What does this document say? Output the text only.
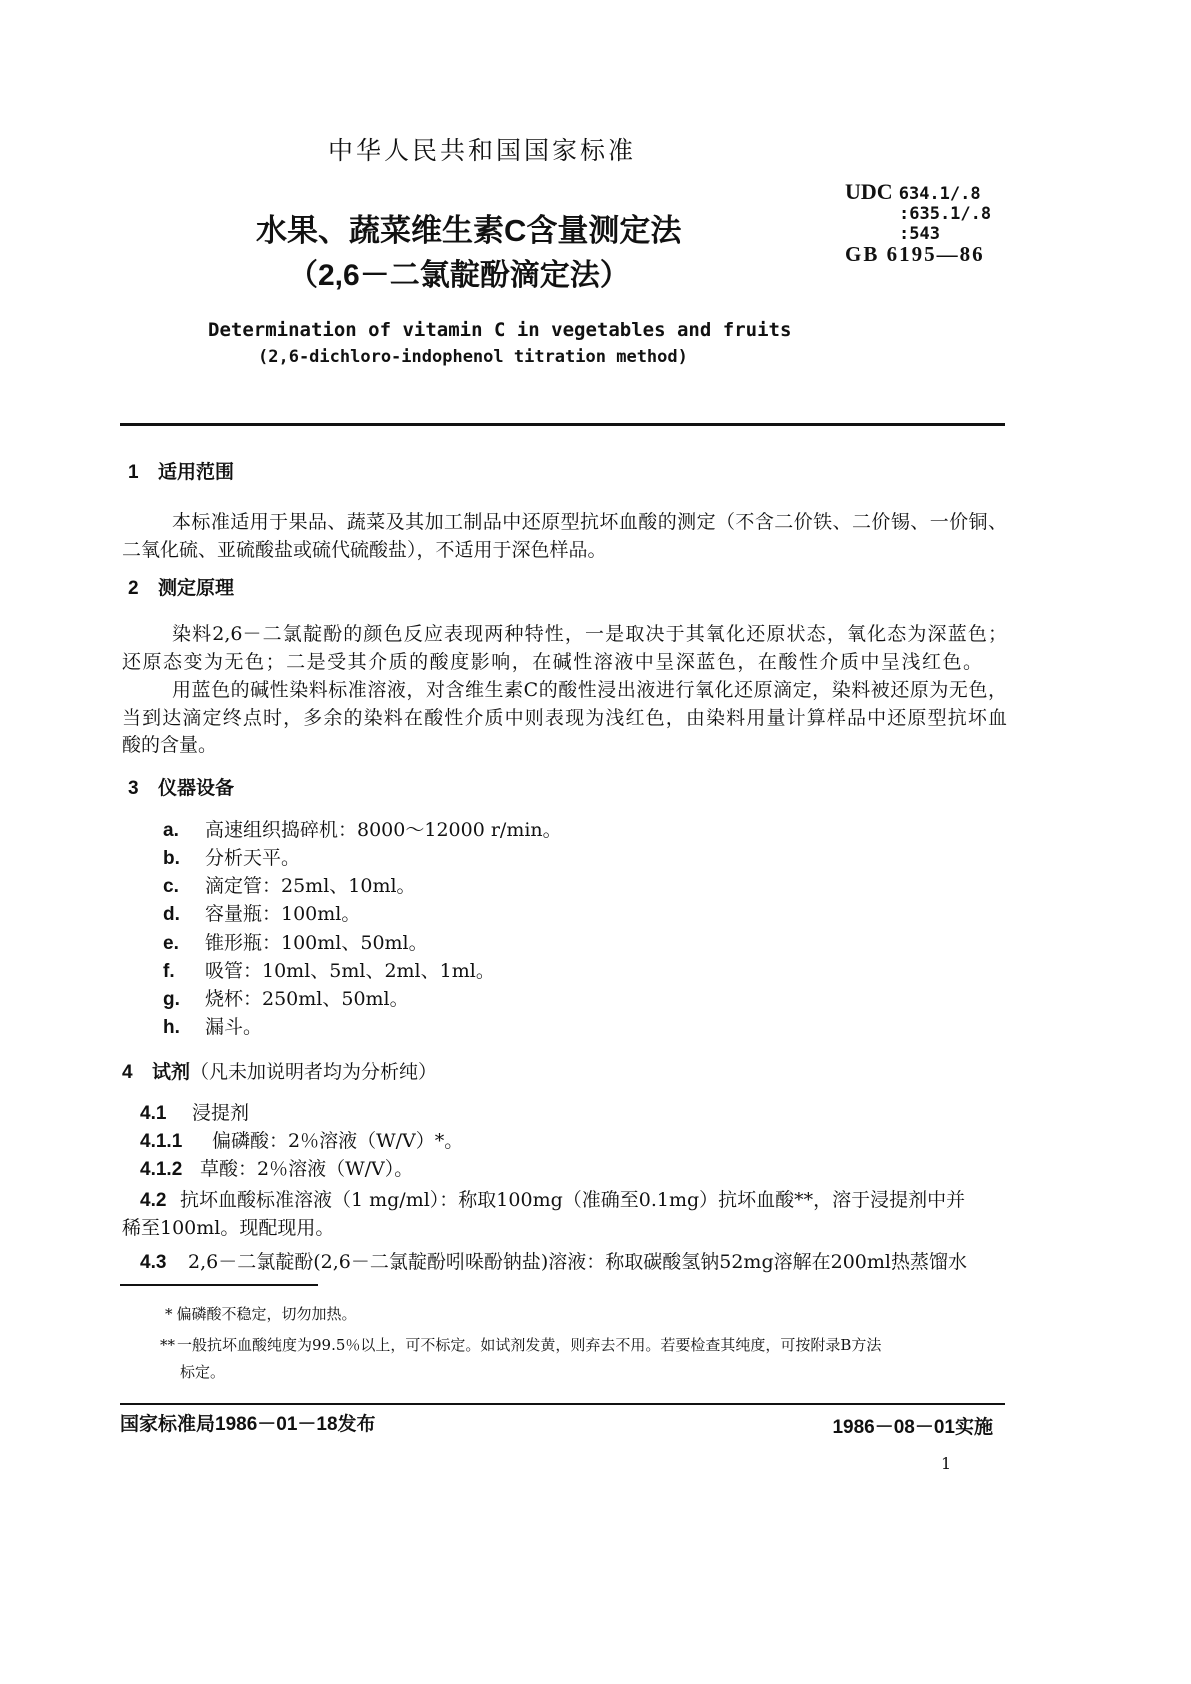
中华人民共和国国家标准
水果、蔬菜维生素C含量测定法
（2,6－二氯靛酚滴定法）
UDC 634.1/.8
:635.1/.8
:543
GB 6195—86
Determination of vitamin C in vegetables and fruits
(2,6-dichloro-indophenol titration method)
1 适用范围
本标准适用于果品、蔬菜及其加工制品中还原型抗坏血酸的测定（不含二价铁、二价锡、一价铜、
二氧化硫、亚硫酸盐或硫代硫酸盐），不适用于深色样品。
2 测定原理
染料2,6－二氯靛酚的颜色反应表现两种特性，一是取决于其氧化还原状态，氧化态为深蓝色；
还原态变为无色；二是受其介质的酸度影响，在碱性溶液中呈深蓝色，在酸性介质中呈浅红色。
用蓝色的碱性染料标准溶液，对含维生素C的酸性浸出液进行氧化还原滴定，染料被还原为无色，
当到达滴定终点时，多余的染料在酸性介质中则表现为浅红色，由染料用量计算样品中还原型抗坏血
酸的含量。
3 仪器设备
a. 高速组织捣碎机：8000～12000 r/min。
b. 分析天平。
c. 滴定管：25ml、10ml。
d. 容量瓶：100ml。
e. 锥形瓶：100ml、50ml。
f. 吸管：10ml、5ml、2ml、1ml。
g. 烧杯：250ml、50ml。
h. 漏斗。
4 试剂（凡未加说明者均为分析纯）
4.1 浸提剂
4.1.1 偏磷酸：2％溶液（W/V）*。
4.1.2 草酸：2％溶液（W/V）。
4.2 抗坏血酸标准溶液（1 mg/ml）：称取100mg（准确至0.1mg）抗坏血酸**，溶于浸提剂中并
稀至100ml。现配现用。
4.3 2,6－二氯靛酚(2,6－二氯靛酚吲哚酚钠盐)溶液：称取碳酸氢钠52mg溶解在200ml热蒸馏水
* 偏磷酸不稳定，切勿加热。
** 一般抗坏血酸纯度为99.5％以上，可不标定。如试剂发黄，则弃去不用。若要检查其纯度，可按附录B方法
标定。
国家标准局1986－01－18发布	1986－08－01实施
1
